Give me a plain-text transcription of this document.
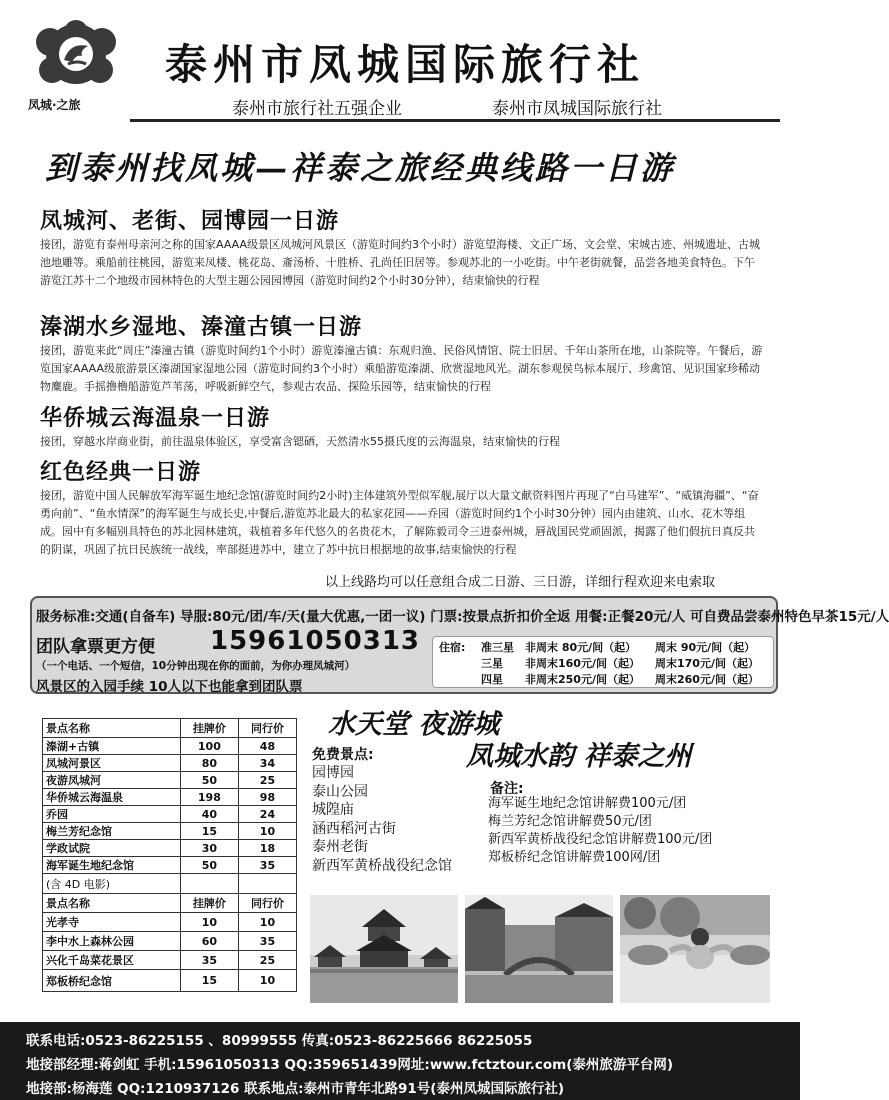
凤城·之旅
泰州市凤城国际旅行社
泰州市旅行社五强企业	泰州市凤城国际旅行社
到泰州找凤城—祥泰之旅经典线路一日游
凤城河、老街、园博园一日游

接团，游览有泰州母亲河之称的国家AAAA级景区凤城河风景区（游览时间约3个小时）游览望海楼、文正广场、文会堂、宋城古迹、州城遗址、古城池地雕等。乘船前往桃园，游览来凤楼、桃花岛、齑汤桥、十胜桥、孔尚任旧居等。参观苏北的一小吃街。中午老街就餐，品尝各地美食特色。下午游览江苏十二个地级市园林特色的大型主题公园园博园（游览时间约2个小时30分钟），结束愉快的行程

溱湖水乡湿地、溱潼古镇一日游

接团，游览来此“周庄”溱潼古镇（游览时间约1个小时）游览溱潼古镇：东观归渔、民俗风情馆、院士旧居、千年山茶所在地，山茶院等。午餐后，游览国家AAAA级旅游景区溱湖国家湿地公园（游览时间约3个小时）乘船游览溱湖、欣赏湿地风光。湖东参观侯鸟标本展厅、珍禽馆、见识国家珍稀动物麋鹿。手摇撸橹船游览芦苇荡，呼吸新鲜空气，参观古农品、探险乐园等，结束愉快的行程

华侨城云海温泉一日游

接团，穿越水岸商业街，前往温泉体验区，享受富含锶硒，天然清水55摄氏度的云海温泉，结束愉快的行程

红色经典一日游

接团，游览中国人民解放军海军诞生地纪念馆(游览时间约2小时)主体建筑外型似军舰,展厅以大量文献资料图片再现了“白马建军”、“威镇海疆”、“奋勇向前”、“鱼水情深”的海军诞生与成长史,中餐后,游览苏北最大的私家花园——乔园（游览时间约1个小时30分钟）园内由建筑、山水、花木等组成。园中有多幅别具特色的苏北园林建筑，栽植着多年代悠久的名贵花木，了解陈毅司令三进泰州城，唇战国民党顽固派，揭露了他们假抗日真反共的阴谋，巩固了抗日民族统一战线，率部挺进苏中，建立了苏中抗日根据地的故事,结束愉快的行程

以上线路均可以任意组合成二日游、三日游，详细行程欢迎来电索取
服务标准:交通(自备车) 导服:80元/团/车/天(量大优惠,一团一议) 门票:按景点折扣价全返 用餐:正餐20元/人 可自费品尝泰州特色早茶15元/人
团队拿票更方便 15961050313
（一个电话、一个短信，10分钟出现在你的面前，为你办理凤城河）
风景区的入园手续 10人以下也能拿到团队票
住宿: 准三星 非周末 80元/间（起） 周末 90元/间（起）
三星 非周末160元/间（起） 周末170元/间（起）
四星 非周末250元/间（起） 周末260元/间（起）
景点名称	挂牌价	同行价
溱湖+古镇	100	48
凤城河景区	80	34
夜游凤城河	50	25
华侨城云海温泉	198	98
乔园	40	24
梅兰芳纪念馆	15	10
学政试院	30	18
海军诞生地纪念馆	50	35
(含 4D 电影)		
景点名称	挂牌价	同行价
光孝寺	10	10
李中水上森林公园	60	35
兴化千岛菜花景区	35	25
郑板桥纪念馆	15	10
水天堂 夜游城
凤城水韵 祥泰之州
免费景点:
园博园
泰山公园
城隍庙
涵西稻河古街
泰州老街
新西军黄桥战役纪念馆
备注:
海军诞生地纪念馆讲解费100元/团
梅兰芳纪念馆讲解费50元/团
新西军黄桥战役纪念馆讲解费100元/团
郑板桥纪念馆讲解费100网/团
联系电话:0523-86225155 、80999555 传真:0523-86225666 86225055
地接部经理:蒋剑虹 手机:15961050313 QQ:359651439网址:www.fctztour.com(泰州旅游平台网)
地接部:杨海莲 QQ:1210937126 联系地点:泰州市青年北路91号(泰州凤城国际旅行社)
